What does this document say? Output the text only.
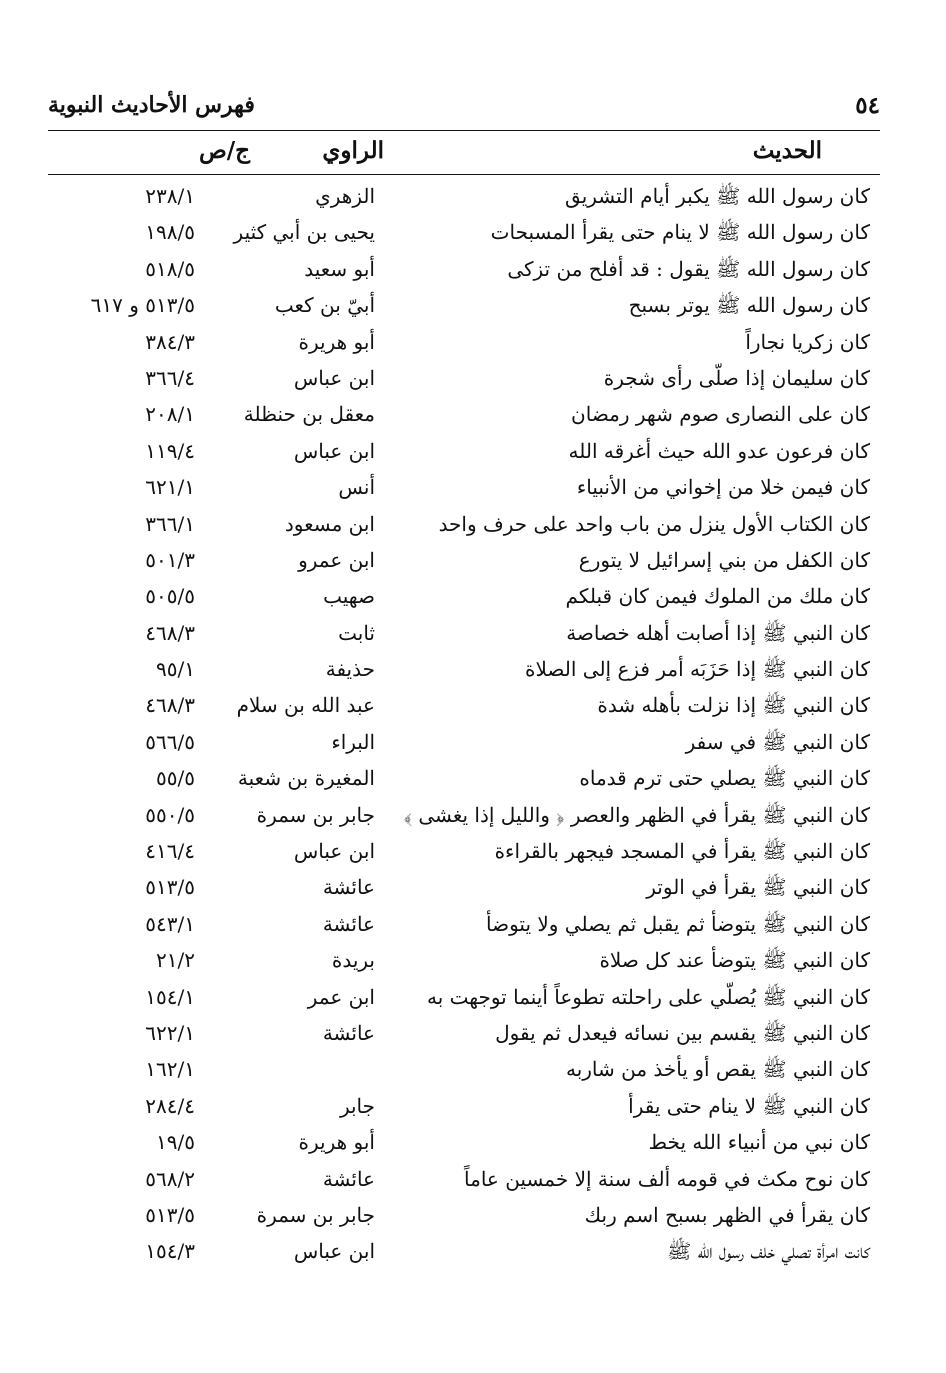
٥٤
فهرس الأحاديث النبوية
الحديث
الراوي
ج/ص
كان رسول الله ﷺ يكبر أيام التشريق
الزهري
٢٣٨/١
كان رسول الله ﷺ لا ينام حتى يقرأ المسبحات
يحيى بن أبي كثير
١٩٨/٥
كان رسول الله ﷺ يقول : قد أفلح من تزكى
أبو سعيد
٥١٨/٥
كان رسول الله ﷺ يوتر بسبح
أبيّ بن كعب
٥١٣/٥ و ٦١٧
كان زكريا نجاراً
أبو هريرة
٣٨٤/٣
كان سليمان إذا صلّى رأى شجرة
ابن عباس
٣٦٦/٤
كان على النصارى صوم شهر رمضان
معقل بن حنظلة
٢٠٨/١
كان فرعون عدو الله حيث أغرقه الله
ابن عباس
١١٩/٤
كان فيمن خلا من إخواني من الأنبياء
أنس
٦٢١/١
كان الكتاب الأول ينزل من باب واحد على حرف واحد
ابن مسعود
٣٦٦/١
كان الكفل من بني إسرائيل لا يتورع
ابن عمرو
٥٠١/٣
كان ملك من الملوك فيمن كان قبلكم
صهيب
٥٠٥/٥
كان النبي ﷺ إذا أصابت أهله خصاصة
ثابت
٤٦٨/٣
كان النبي ﷺ إذا حَزَبَه أمر فزع إلى الصلاة
حذيفة
٩٥/١
كان النبي ﷺ إذا نزلت بأهله شدة
عبد الله بن سلام
٤٦٨/٣
كان النبي ﷺ في سفر
البراء
٥٦٦/٥
كان النبي ﷺ يصلي حتى ترم قدماه
المغيرة بن شعبة
٥٥/٥
كان النبي ﷺ يقرأ في الظهر والعصر ﴿ والليل إذا يغشى ﴾
جابر بن سمرة
٥٥٠/٥
كان النبي ﷺ يقرأ في المسجد فيجهر بالقراءة
ابن عباس
٤١٦/٤
كان النبي ﷺ يقرأ في الوتر
عائشة
٥١٣/٥
كان النبي ﷺ يتوضأ ثم يقبل ثم يصلي ولا يتوضأ
عائشة
٥٤٣/١
كان النبي ﷺ يتوضأ عند كل صلاة
بريدة
٢١/٢
كان النبي ﷺ يُصلّي على راحلته تطوعاً أينما توجهت به
ابن عمر
١٥٤/١
كان النبي ﷺ يقسم بين نسائه فيعدل ثم يقول
عائشة
٦٢٢/١
كان النبي ﷺ يقص أو يأخذ من شاربه
١٦٢/١
كان النبي ﷺ لا ينام حتى يقرأ
جابر
٢٨٤/٤
كان نبي من أنبياء الله يخط
أبو هريرة
١٩/٥
كان نوح مكث في قومه ألف سنة إلا خمسين عاماً
عائشة
٥٦٨/٢
كان يقرأ في الظهر بسبح اسم ربك
جابر بن سمرة
٥١٣/٥
كانت امرأة تصلي خلف رسول الله ﷺ
ابن عباس
١٥٤/٣
